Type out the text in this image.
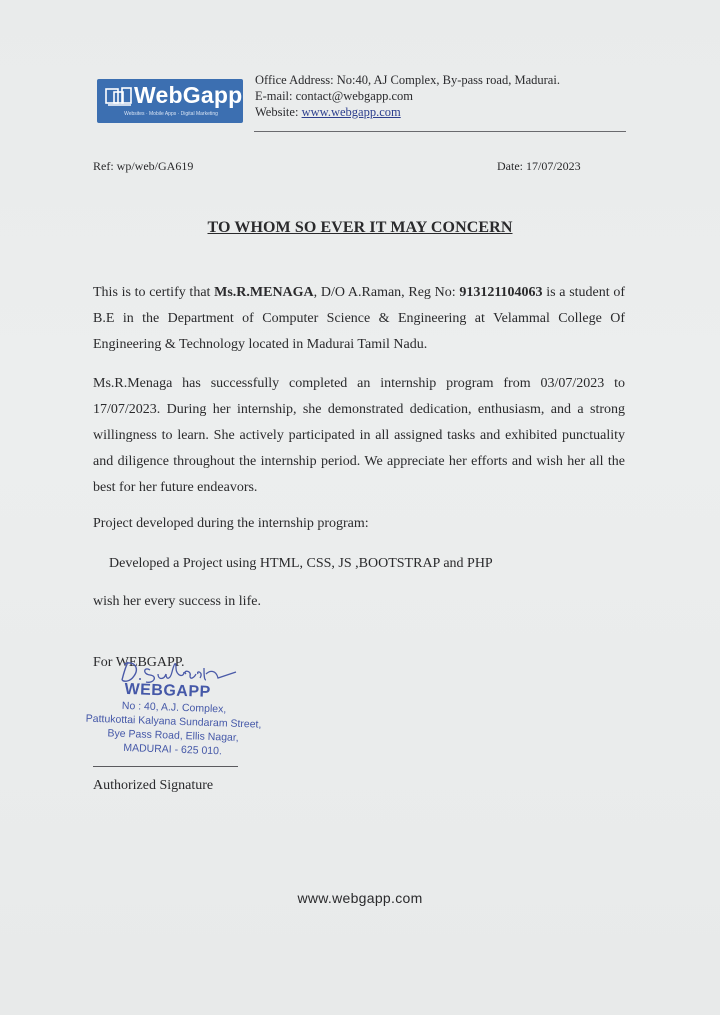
WebGapp
Websites · Mobile Apps · Digital Marketing
Office Address: No:40, AJ Complex, By-pass road, Madurai.
E-mail: contact@webgapp.com
Website: www.webgapp.com
Ref: wp/web/GA619	Date: 17/07/2023
TO WHOM SO EVER IT MAY CONCERN
This is to certify that Ms.R.MENAGA, D/O A.Raman, Reg No: 913121104063 is a student of B.E in the Department of Computer Science & Engineering at Velammal College Of Engineering & Technology located in Madurai Tamil Nadu.
Ms.R.Menaga has successfully completed an internship program from 03/07/2023 to 17/07/2023. During her internship, she demonstrated dedication, enthusiasm, and a strong willingness to learn. She actively participated in all assigned tasks and exhibited punctuality and diligence throughout the internship period. We appreciate her efforts and wish her all the best for her future endeavors.
Project developed during the internship program:
Developed a Project using HTML, CSS, JS ,BOOTSTRAP and PHP
wish her every success in life.
For WEBGAPP.
WEBGAPP
No : 40, A.J. Complex,
Pattukottai Kalyana Sundaram Street,
Bye Pass Road, Ellis Nagar,
MADURAI - 625 010.
Authorized Signature
www.webgapp.com
